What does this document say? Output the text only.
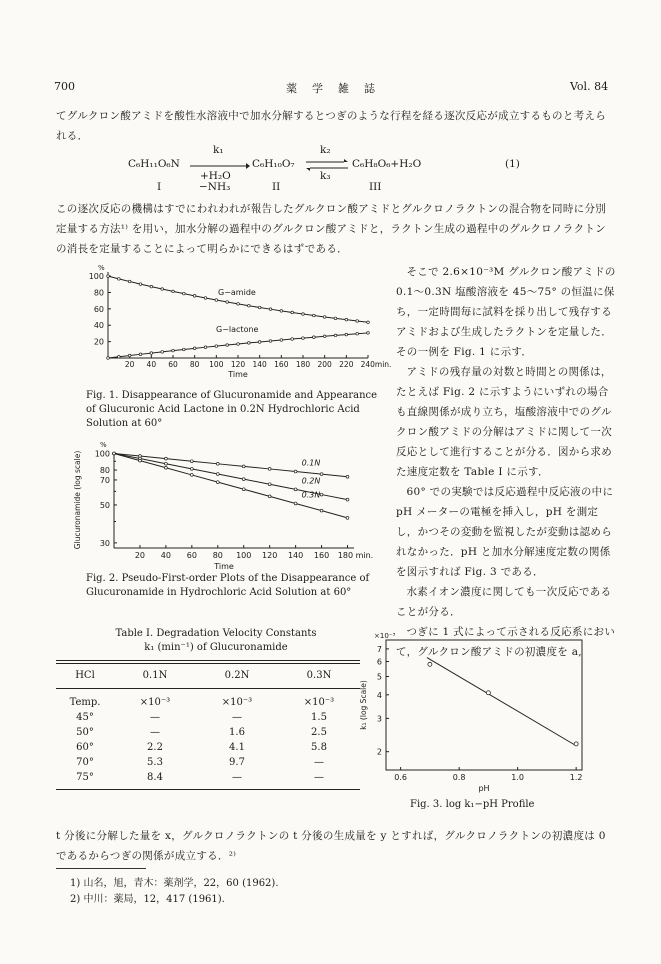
700	薬　学　雑　誌	Vol. 84
てグルクロン酸アミドを酸性水溶液中で加水分解するとつぎのような行程を経る逐次反応が成立するものと考えられる．
C₆H₁₁O₆N
k₁
+H₂O
C₆H₁₀O₇
k₂
k₃
C₆H₈O₆+H₂O	(1)
I	−NH₃	II	III
この逐次反応の機構はすでにわれわれが報告したグルクロン酸アミドとグルクロノラクトンの混合物を同時に分別定量する方法¹⁾ を用い，加水分解の過程中のグルクロン酸アミドと，ラクトン生成の過程中のグルクロノラクトンの消長を定量することによって明らかにできるはずである．
そこで 2.6×10⁻³M グルクロン酸アミドの 0.1〜0.3N 塩酸溶液を 45〜75° の恒温に保ち，一定時間毎に試料を採り出して残存するアミドおよび生成したラクトンを定量した．その一例を Fig. 1 に示す．
アミドの残存量の対数と時間との関係は，たとえば Fig. 2 に示すようにいずれの場合も直線関係が成り立ち，塩酸溶液中でのグルクロン酸アミドの分解はアミドに関して一次反応として進行することが分る．図から求めた速度定数を Table I に示す．
60° での実験では反応過程中反応液の中に pH メーターの電極を挿入し，pH を測定し，かつその変動を監視したが変動は認められなかった．pH と加水分解速度定数の関係を図示すれば Fig. 3 である．
水素イオン濃度に関しても一次反応であることが分る．
つぎに 1 式によって示される反応系において，グルクロン酸アミドの初濃度を a,
%
100
80
60
40
20
20 40 60 80 100 120 140 160 180 200 220 240min.
Time
G−amide
G−lactone
Fig. 1. Disappearance of Glucuronamide and Appearance of Glucuronic Acid Lactone in 0.2N Hydrochloric Acid Solution at 60°
%
100
80
70
50
30
Glucuronamide (log scale)
20 40 60 80 100 120 140 160 180 min.
Time
0.1N
0.2N
0.3N
Fig. 2. Pseudo-First-order Plots of the Disappearance of Glucuronamide in Hydrochloric Acid Solution at 60°
Table I. Degradation Velocity Constants
k₁ (min⁻¹) of Glucuronamide
HCl	0.1N	0.2N	0.3N
Temp.	×10⁻³	×10⁻³	×10⁻³
45°	—	—	1.5
50°	—	1.6	2.5
60°	2.2	4.1	5.8
70°	5.3	9.7	—
75°	8.4	—	—
×10⁻³
7
6
5
4
3
2
k₁ (log Scale)
0.6	0.8	1.0	1.2
pH
Fig. 3. log k₁−pH Profile
t 分後に分解した量を x，グルクロノラクトンの t 分後の生成量を y とすれば，グルクロノラクトンの初濃度は 0 であるからつぎの関係が成立する．²⁾
1) 山名，旭，青木：薬剤学，22，60 (1962).
2) 中川：薬局，12，417 (1961).
